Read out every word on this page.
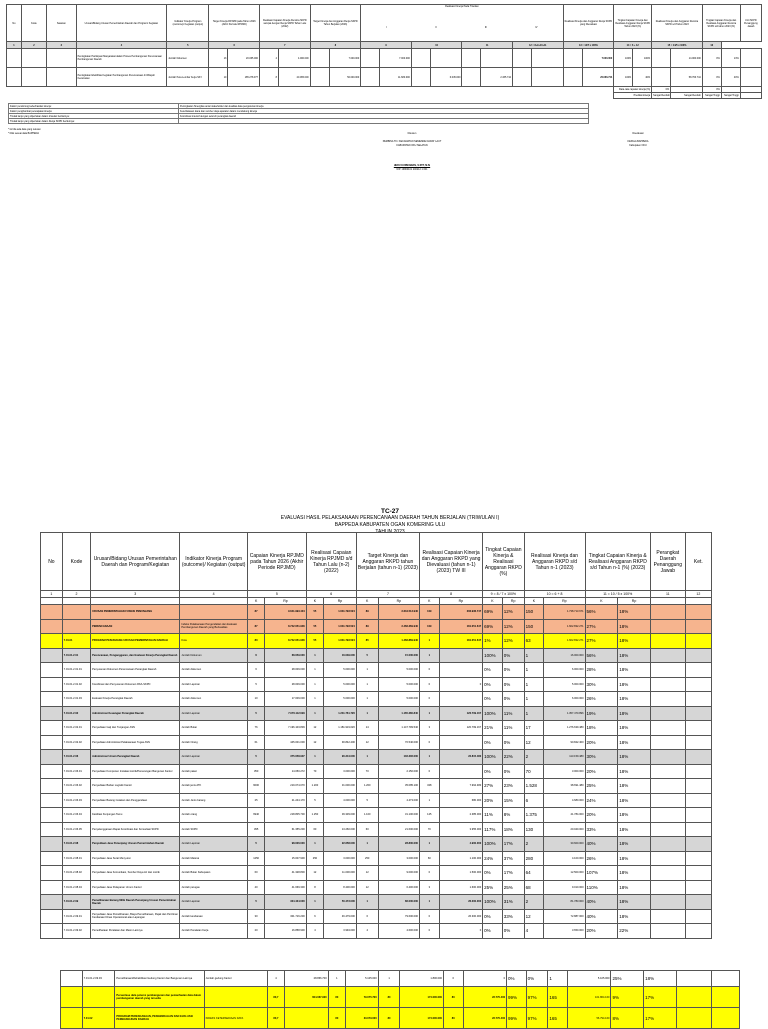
No	Kode	Sasaran	Urusan/Bidang Urusan Pemerintahan Daerah dan Program/ Kegiatan	Indikator Kinerja Program (outcome)/ Kegiatan (output)	Target Kinerja RPJMD pada Tahun 2026 (Akhir Periode RPJMD)		Realisasi Capaian Kinerja Renstra SKPD sampai dengan Renja SKPD Tahun Lalu (2022)		Target Kinerja dan Anggaran Renja SKPD Tahun Berjalan (2023)		Realisasi Kinerja Pada Triwulan
I II III IV								Realisasi Kinerja dan Anggaran Renja SKPD yang Dievaluasi		Tingkat Capaian Kinerja dan Realisasi Anggaran Renja SKPD Tahun 2023 (%)		Realisasi Kinerja dan Anggaran Renstra SKPD s/d Tahun 2023		Tingkat Capaian Kinerja dan Realisasi Anggaran Renstra SKPD s/d tahun 2023 (%)		Unit SKPD Penanggung Jawab
1	2	3	4	5	6		7		8		9		10		11		12 = 8+9+10+11		13 = 12/7 x 100%		14 = 6 + 12		15 = 14/5 x 100%		16		
			Peningkatan Partisipasi Masyarakat dalam Proses Pembangunan Perencanaan Pembangunan Daerah	Jumlah Dokumen	13	20.065.000	4	4.000.000		7.000.000		7.000.000								7.000.000	100%	100%		14.000.000	0%	13%	
			Peningkatan Efektifitas Kegiatan Pembangunan Perencanaan di Wilayah Kecamatan	Jumlah Peta Lembar Kerja SPJ	10	185.278.977	8	20.065.000		50.000.000		11.680.000		6.045.000		2.335.744				20.066.744	100%	40%		58.766.744	0%	40%	
																					Rata-rata capaian kinerja (%)		0%		0%		
																					Predikat kinerja		Sangat Rendah	Sangat Rendah	Sangat Tinggi	Sangat Tinggi	
Faktor pendorong keberhasilan kinerja:	Peningkatan Sinergitas antar stakeholder dan kualitas data pengukuran kinerja
Faktor penghambat pencapaian kinerja:	Keterbatasan dana dan sumber daya aparatur dalam mendukung kinerja
Tindak lanjut yang diperlukan dalam triwulan berikutnya:	Koordinasi intensif dengan seluruh perangkat daerah
Tindak lanjut yang diperlukan dalam Renja SKPD berikutnya:	
* Isi bila ada data yang relevan
* Diisi sesuai data BAPPEDA	Disusun
PEMBINA TK.I KECAMATAN SEMENDE DARAT LAUT
KABUPATEN OKU SELATAN
HERU KURNIAWAN, S.STP, M.Si
NIP. 19800101 200212 1 001
Dievaluasi
KEPALA BAPPEDA
Kabupaten OKU
TC-27
EVALUASI HASIL PELAKSANAAN PERENCANAAN DAERAH TAHUN BERJALAN (TRIWULAN I)
BAPPEDA KABUPATEN OGAN KOMERING ULU
TAHUN 2023
No	Kode	Urusan/Bidang Urusan Pemerintahan Daerah dan Program/Kegiatan	Indikator Kinerja Program (outcome)/ Kegiatan (output)	Capaian Kinerja RPJMD pada Tahun 2026 (Akhir Periode RPJMD)		Realisasi Capaian Kinerja RPJMD s/d Tahun Lalu (n-2) (2022)		Target Kinerja dan Anggaran RKPD tahun Berjalan (tahun n-1) (2023)		Realisasi Capaian Kinerja dan Anggaran RKPD yang Dievaluasi (tahun n-1) (2023) TW III		Tingkat Capaian Kinerja & Realisasi Anggaran RKPD (%)		Realisasi Kinerja dan Anggaran RKPD s/d Tahun n-1 (2023)		Tingkat Capaian Kinerja & Realisasi Anggaran RKPD s/d Tahun n-1 (%) (2023)		Perangkat Daerah Penanggung Jawab	Ket.
1	2	3	4	5		6		7		8		9 = 8 / 7 x 100%		10 = 6 + 8		11 = 10 / 5 x 100%		11	12
				K	Rp	K	Rp	K	Rp	K	Rp	K	Rp	K	Rp	K	Rp		
		URUSAN PEMERINTAHAN FUNGSI PENUNJANG		87	9.641.993.404	55	1.631.793.524	89	3.634.513.940	109	206.936.747	69%	12%	150	1.738.713.671	56%	18%		
		PERENCANAAN	Indeks Pelaksanaan Pengendalian dan Evaluasi Pembangunan Daerah yang Berkualitas	87	8.742.051.936	55	1.631.793.524	89	3.466.369.940	109	181.051.647	69%	12%	150	1.602.832.271	27%	18%		
	7.01.01	PROGRAM PENUNJANG URUSAN PEMERINTAHAN DAERAH	Kota	80	8.742.051.936	55	1.631.793.524	85	1.466.869.940	1	181.051.647	1%	12%	63	1.602.832.271	27%	18%		
	7.01.01.2.01	Perencanaan, Penganggaran, dan Evaluasi Kinerja Perangkat Daerah	Jumlah Dokumen	6	68.059.000	1	16.039.000	5	15.000.000	1		100%	0%	1	16.000.000	56%	18%		
	7.01.01.2.01.01	Penyusunan Dokumen Perencanaan Perangkat Daerah	Jumlah dokumen	6	28.009.000	1	5.000.000	1	5.000.000	0		0%	0%	1	6.000.000	28%	18%		
	7.01.01.2.01.02	Koordinasi dan Penyusunan Dokumen RKA-SKPD	Jumlah Laporan	5	28.009.000	1	5.000.000	1	5.000.000	0	0	0%	0%	1	5.000.000	30%	18%		
	7.01.01.2.01.03	Evaluasi Kinerja Perangkat Daerah	Jumlah dokumen	10	17.009.000	1	5.000.000	1	5.000.000	0		0%	0%	1	6.000.000	26%	18%		
	7.01.01.2.02	Administrasi Keuangan Perangkat Daerah	Jumlah Laporan	5	7.076.112.629	1	1.231.761.726	1	1.165.380.840	1	126.709.167	100%	11%	1	1.357.470.896	19%	18%		
	7.01.01.2.02.01	Penyediaan Gaji dan Tunjangan ASN	Jumlah Bulan	76	7.196.103.839	12	1.181.919.026	14	1.147.799.540	3	120.799.167	21%	11%	17	1.276.639.480	18%	18%		
	7.01.01.2.02.02	Penyediaan Administrasi Pelaksanaan Tugas ASN	Jumlah Orang	61	445.001.000	12	90.842.400	12	70.540.000	0		0%	0%	12	90.842.400	20%	18%		
	7.01.01.2.06	Administrasi Umum Perangkat Daerah	Jumlah Laporan	5	375.058.907	1	90.344.000	1	102.306.000	1	22.815.480	100%	22%	2	113.159.480	30%	18%		
	7.01.01.2.06.01	Penyediaan Komponen Instalasi Listrik/Penerangan Bangunan Kantor	Jumlah paket	350	14.050.272	70	3.000.000	70	2.150.000	0		0%	0%	70	3.000.000	20%	18%		
	7.01.01.2.06.02	Penyediaan Bahan Logistik Kantor	Jumlah jenis ATK	6000	219.074.070	1.200	31.000.000	1.200	35.085.100	328	7.994.480	27%	23%	1.528	38.691.480	25%	18%		
	7.01.01.2.06.03	Penyediaan Barang Cetakan dan Penggandaan	Jumlah Jenis barang	25	21.244.170	5	4.000.000	5	4.473.000	1	680.000	20%	15%	6	4.680.000	24%	18%		
	7.01.01.2.06.04	Fasilitasi Kunjungan Tamu	Jumlah orang	6940	218.805.700	1.250	39.339.000	1.100	31.100.000	125	2.385.000	11%	8%	1.375	41.784.000	20%	18%		
	7.01.01.2.06.05	Penyelenggaraan Rapat Koordinasi dan Konsultasi SKPD	Jumlah SKPD	395	61.355.200	60	13.260.000	60	21.600.000	70	3.955.000	117%	18%	130	20.040.000	33%	18%		
	7.01.01.2.08	Penyediaan Jasa Penunjang Urusan Pemerintahan Daerah	Jumlah Laporan	5	98.006.000	1	22.658.000	1	28.800.000	1	4.900.000	100%	17%	2	30.600.000	40%	18%		
	7.01.01.2.08.01	Penyediaan Jasa Surat Menyurat	Jumlah Materai	1250	15.007.900	250	3.000.000	250	3.000.000	60	1.100.000	24%	37%	280	4.100.000	26%	18%		
	7.01.01.2.08.02	Penyediaan Jasa Komunikasi, Sumber Daya Air dan Listrik	Jumlah Bulan Kabupaten	60	41.328.800	12	11.000.000	12	9.000.000	0	1.500.000	0%	17%	64	12.500.000	107%	18%		
	7.01.01.2.08.04	Penyediaan Jasa Pelayanan Umum Kantor	Jumlah petugas	40	41.669.300	8	8.400.000	12	6.400.000	3	1.600.000	25%	25%	68	9.010.000	110%	18%		
	7.01.01.2.09	Pemeliharaan Barang Milik Daerah Penunjang Urusan Pemerintahan Daerah	Jumlah Laporan	5	324.434.000	1	50.473.000	1	86.000.000	1	26.300.000	100%	31%	2	81.783.000	40%	18%		
	7.01.01.2.09.01	Penyediaan Jasa Pemeliharaan, Biaya Pemeliharaan, Pajak dan Perizinan Kendaraan Dinas Operasional atau Lapangan	Jumlah kendaraan	30	301.716.200	6	46.479.000	6	79.600.000	0	26.300.000	0%	33%	12	72.887.000	40%	18%		
	7.01.01.2.09.02	Pemeliharaan Peralatan dan Mesin Lainnya	Jumlah Peralatan Kerja	20	16.858.900	4	3.994.000	4	4.600.000	0	0	0%	0%	4	3.650.000	20%	22%		
	7.01.01.2.09.03	Pemeliharaan/Rehabilitasi Gedung Kantor dan Bangunan Lainnya	Jumlah gedung Kantor	4	28.866.700	1	5.105.000	1	1.800.000	0	0	0%	0%	1	5.105.000	25%	18%		
		Persentase data potensi pembangunan dan pemanfaatan data dalam pembangunan daerah yang tersedia		80,7	604.067.900	80	79.075.700	80	174.000.000	80	22.770.400	99%	97%	165	101.864.160	9%	17%		
	7.01.02	PROGRAM PERENCANAAN, PENGENDALIAN DAN EVALUASI PEMBANGUNAN DAERAH	INDEKS KETERSEDIAAN DATA	80,7		80	33.079.000	80	174.000.000	80	22.770.400	99%	97%	165	56.794.160	8%	17%		
